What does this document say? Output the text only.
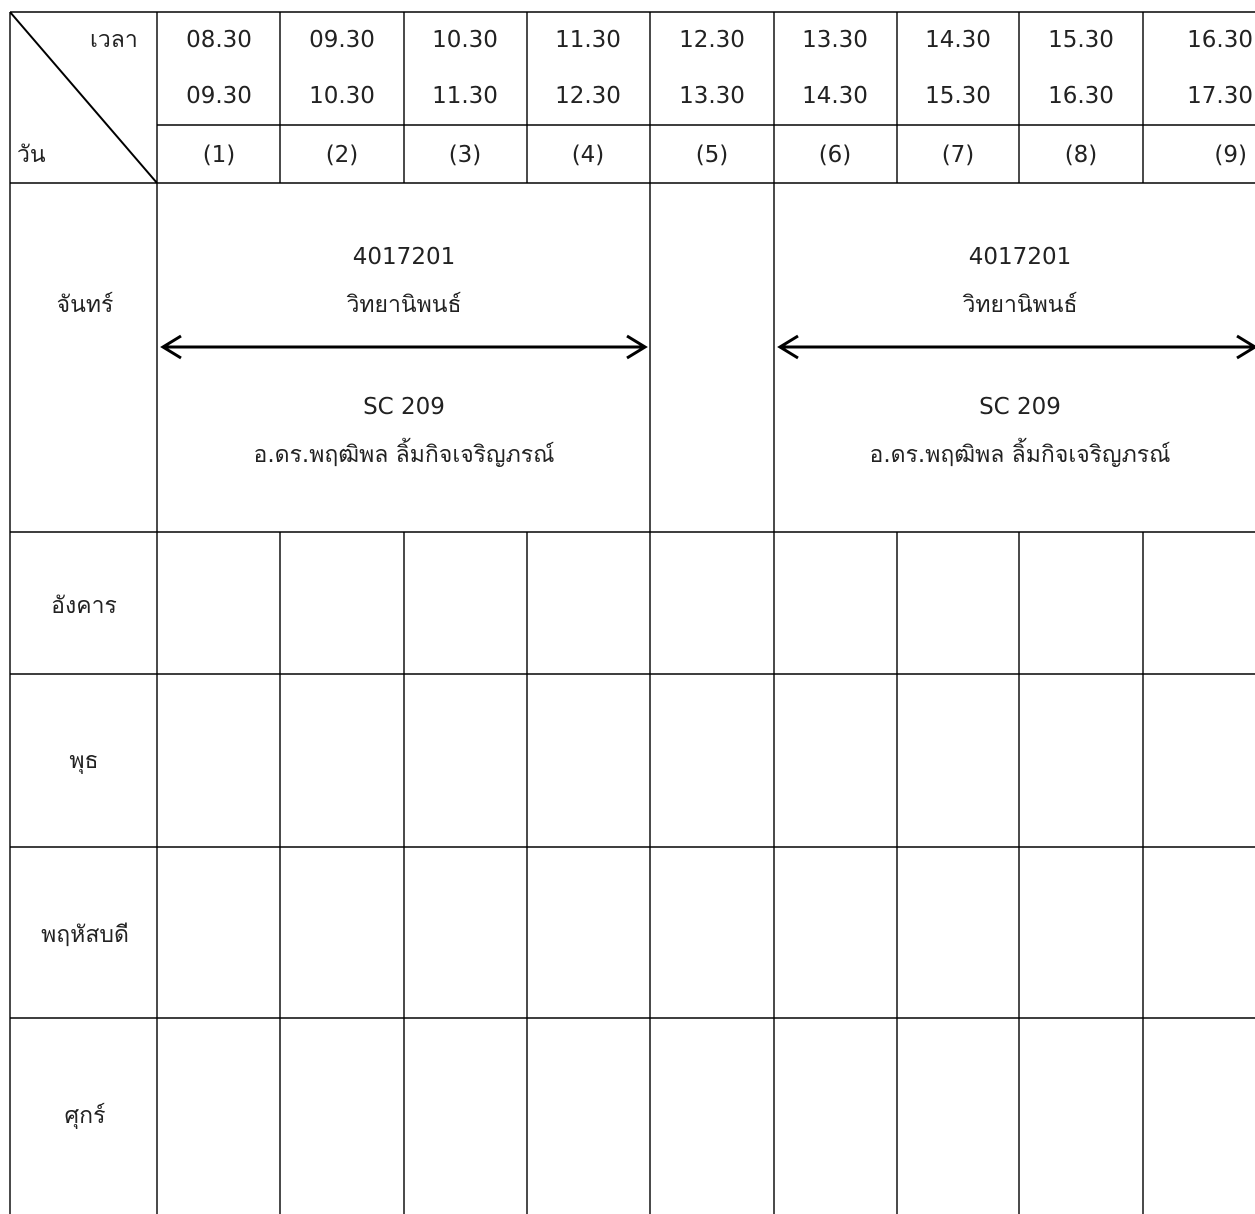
เวลา
วัน
08.30
09.30
(1)
09.30
10.30
(2)
10.30
11.30
(3)
11.30
12.30
(4)
12.30
13.30
(5)
13.30
14.30
(6)
14.30
15.30
(7)
15.30
16.30
(8)
16.30
17.30
(9)
จันทร์
อังคาร
พุธ
พฤหัสบดี
ศุกร์
4017201
วิทยานิพนธ์
SC 209
อ.ดร.พฤฒิพล ลิ้มกิจเจริญภรณ์
4017201
วิทยานิพนธ์
SC 209
อ.ดร.พฤฒิพล ลิ้มกิจเจริญภรณ์
